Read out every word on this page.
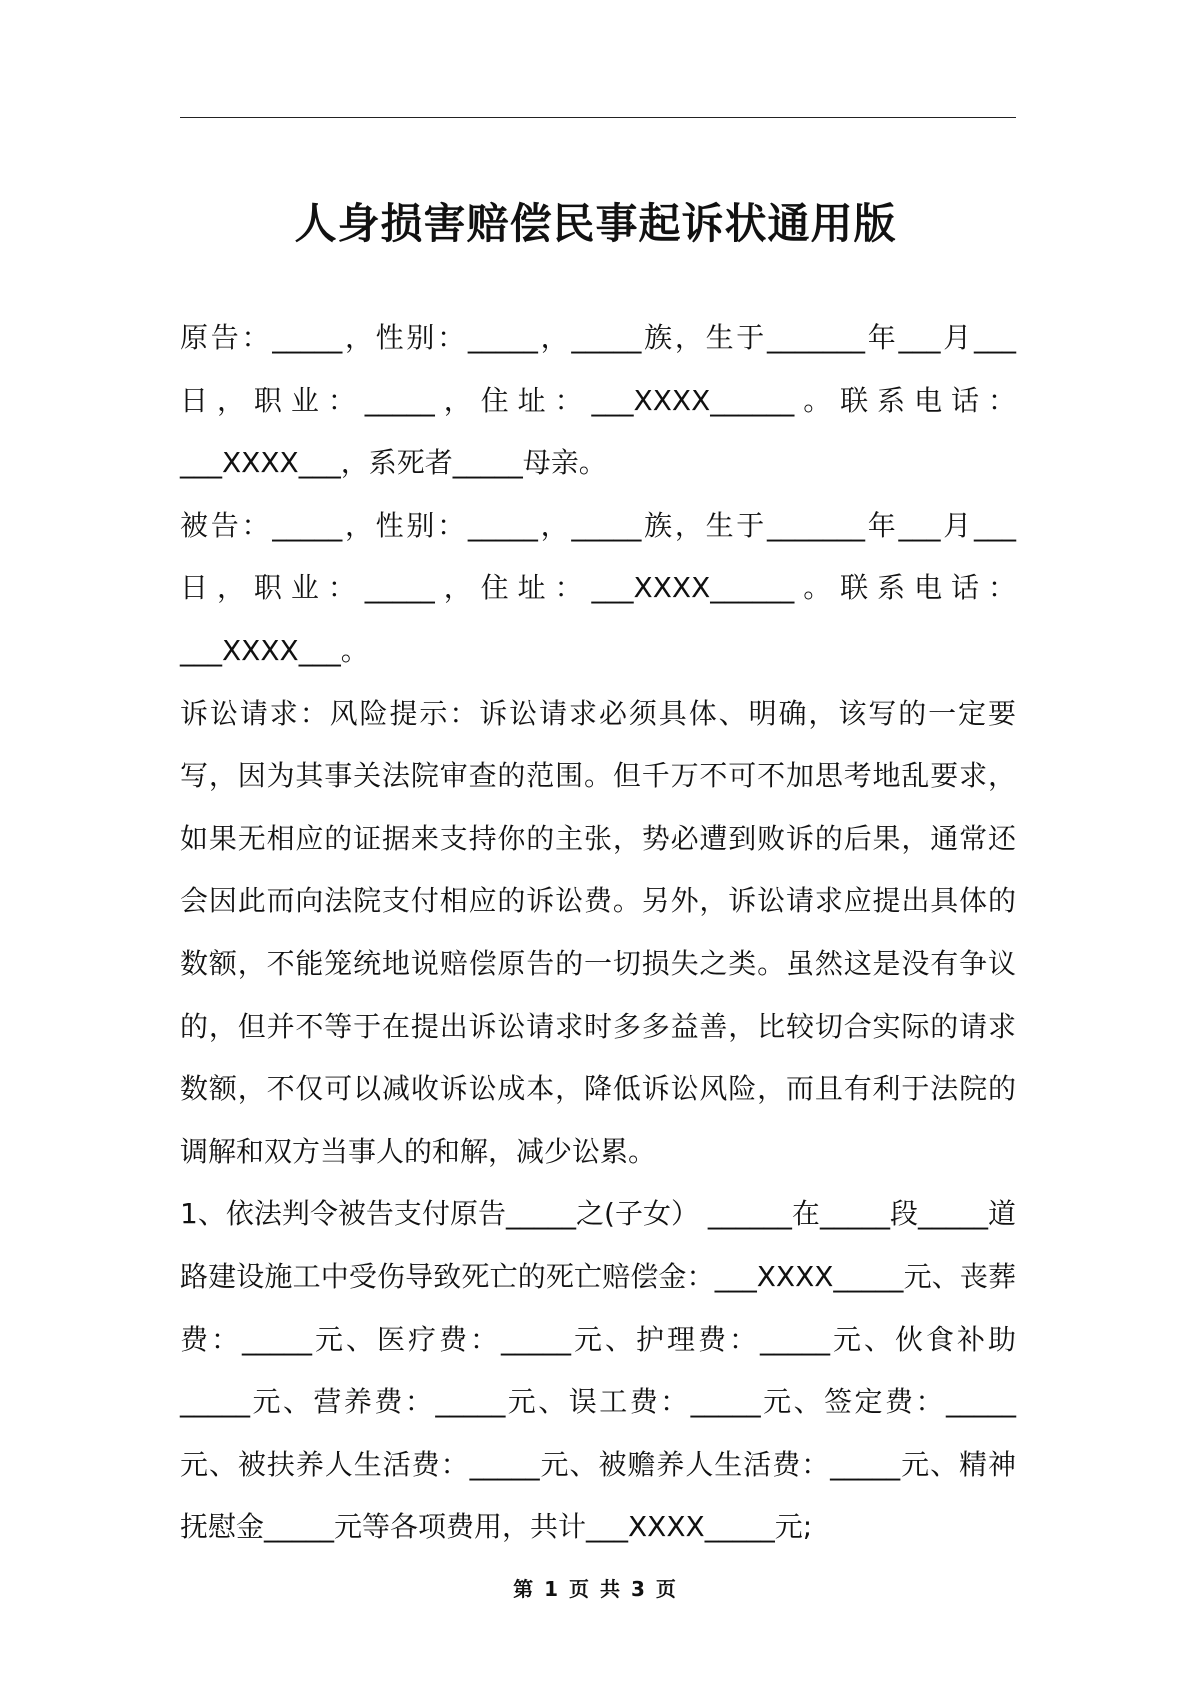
人身损害赔偿民事起诉状通用版

原告：_____，性别：_____，_____族，生于_______年___月___日，职业：_____，住址：___XXXX______。联系电话：___XXXX___，系死者_____母亲。

被告：_____，性别：_____，_____族，生于_______年___月___日，职业：_____，住址：___XXXX______。联系电话：___XXXX___。

诉讼请求：风险提示：诉讼请求必须具体、明确，该写的一定要写，因为其事关法院审查的范围。但千万不可不加思考地乱要求，如果无相应的证据来支持你的主张，势必遭到败诉的后果，通常还会因此而向法院支付相应的诉讼费。另外，诉讼请求应提出具体的数额，不能笼统地说赔偿原告的一切损失之类。虽然这是没有争议的，但并不等于在提出诉讼请求时多多益善，比较切合实际的请求数额，不仅可以减收诉讼成本，降低诉讼风险，而且有利于法院的调解和双方当事人的和解，减少讼累。

1、依法判令被告支付原告_____之(子女） ______在_____段_____道路建设施工中受伤导致死亡的死亡赔偿金：___XXXX_____元、丧葬费：_____元、医疗费：_____元、护理费：_____元、伙食补助_____元、营养费：_____元、误工费：_____元、签定费：_____元、被扶养人生活费：_____元、被赡养人生活费：_____元、精神抚慰金_____元等各项费用，共计___XXXX_____元;

第 1 页 共 3 页
